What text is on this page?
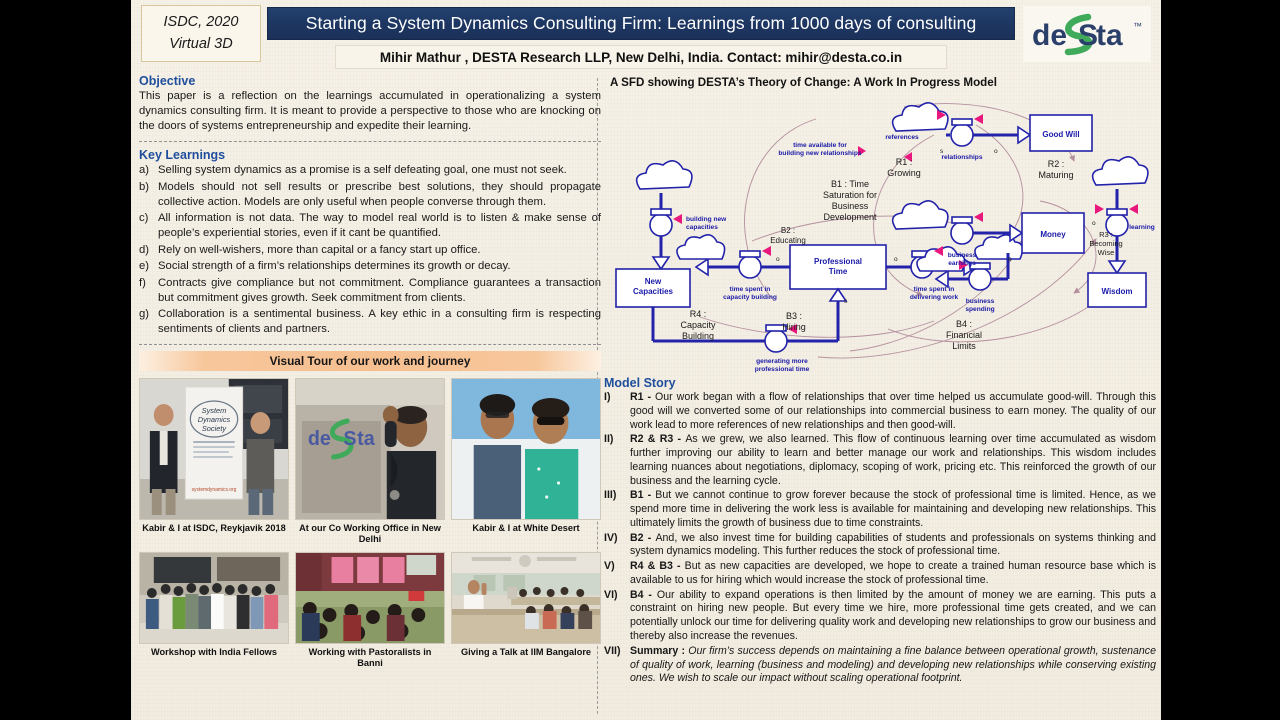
ISDC, 2020
Virtual 3D
Starting a System Dynamics Consulting Firm: Learnings from 1000 days of consulting
Mihir Mathur , DESTA Research LLP, New Delhi, India. Contact: mihir@desta.co.in
de S
ta ™
Objective

This paper is a reflection on the learnings accumulated in operationalizing a system dynamics consulting firm. It is meant to provide a perspective to those who are knocking on the doors of systems entrepreneurship and expedite their learning.

Key Learnings
a) Selling system dynamics as a promise is a self defeating goal, one must not seek.
b) Models should not sell results or prescribe best solutions, they should propagate collective action. Models are only useful when people converse through them.
c) All information is not data. The way to model real world is to listen & make sense of people’s experiential stories, even if it cant be quantified.
d) Rely on well-wishers, more than capital or a fancy start up office.
e) Social strength of a firm’s relationships determines its growth or decay.
f)	Contracts give compliance but not commitment. Compliance guarantees a transaction but commitment gives growth. Seek commitment from clients.
g) Collaboration is a sentimental business. A key ethic in a consulting firm is respecting sentiments of clients and partners.
Visual Tour of our work and journey
System
Dynamics
Society
systemdynamics.org
Kabir & I at ISDC, Reykjavik 2018
de S ta
At our Co Working Office in New Delhi
Kabir & I at White Desert
Workshop with India Fellows	Working with Pastoralists in Banni
Giving a Talk at IIM Bangalore
A SFD showing DESTA’s Theory of Change: A Work In Progress Model
New
Capacities
Professional
Time
Good Will
Money
Wisdom
building new
capacities
time spent in
capacity building
time spent in
delivering work
generating more
professional time
relationships
business
earnings
business
spending
references
time available for
building new relationships
learning
R1 :
Growing
R2 :
Maturing
R3 :
Becoming
Wise
R4 :
Capacity
Building
B1 : Time
Saturation for
Business
Development
B2 :
Educating
B3 :
Hiring	B4 :
Financial
Limits
o	o	o
s
o
s
o
Model Story
I)	R1 - Our work began with a flow of relationships that over time helped us accumulate good-will. Through this good will we converted some of our relationships into commercial business to earn money. The quality of our work lead to more references of new relationships and then good-will.
II)	R2 & R3 - As we grew, we also learned. This flow of continuous learning over time accumulated as wisdom further improving our ability to learn and better manage our work and relationships. This wisdom includes learning nuances about negotiations, diplomacy, scoping of work, pricing etc. This reinforced the growth of our business and the learning cycle.
III)	B1 - But we cannot continue to grow forever because the stock of professional time is limited. Hence, as we spend more time in delivering the work less is available for maintaining and developing new relationships. This ultimately limits the growth of business due to time constraints.
IV)	B2 - And, we also invest time for building capabilities of students and professionals on systems thinking and system dynamics modeling. This further reduces the stock of professional time.
V)	R4 & B3 - But as new capacities are developed, we hope to create a trained human resource base which is available to us for hiring which would increase the stock of professional time.
VI)	B4 - Our ability to expand operations is then limited by the amount of money we are earning. This puts a constraint on hiring new people. But every time we hire, more professional time gets created, and we can potentially unlock our time for delivering quality work and developing new relationships to grow our business and thereby also increase the revenues.
VII) Summary : Our firm’s success depends on maintaining a fine balance between operational growth, sustenance of quality of work, learning (business and modeling) and developing new relationships while conserving existing ones. We wish to scale our impact without scaling operational footprint.
